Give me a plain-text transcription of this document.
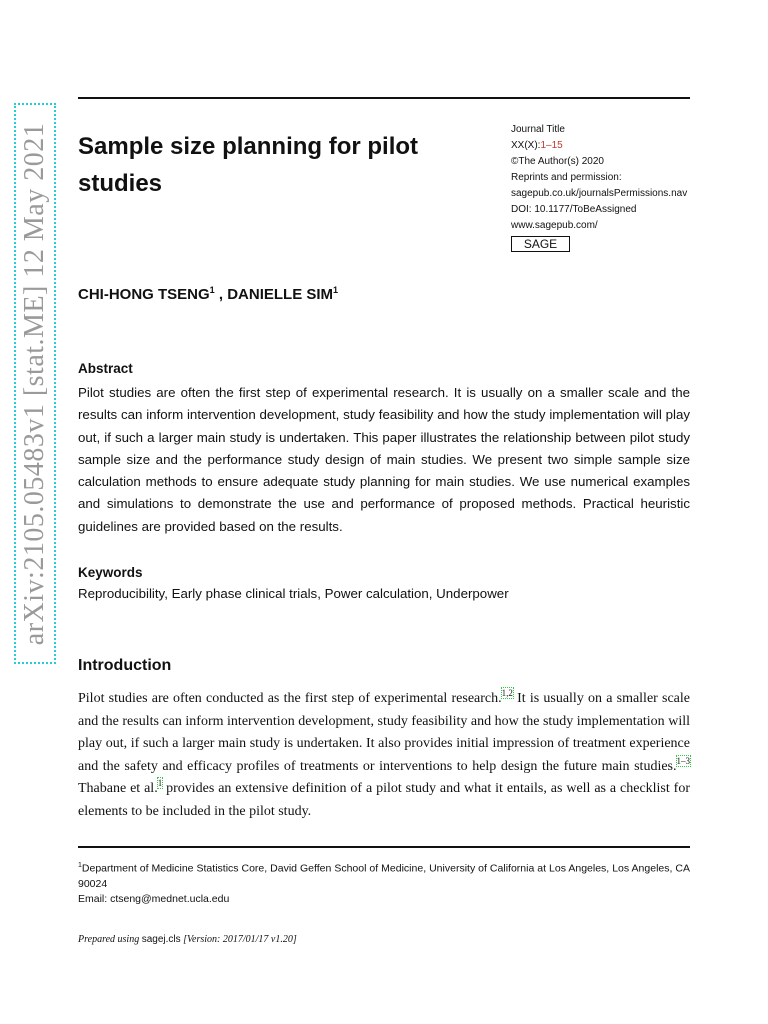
arXiv:2105.05483v1 [stat.ME] 12 May 2021 Sample size planning for pilot studies
Journal Title
XX(X):1–15
©The Author(s) 2020
Reprints and permission:
sagepub.co.uk/journalsPermissions.nav
DOI: 10.1177/ToBeAssigned
www.sagepub.com/
SAGE
CHI-HONG TSENG$^1$ , DANIELLE SIM$^1$
Abstract

Pilot studies are often the first step of experimental research. It is usually on a smaller scale and the results can inform intervention development, study feasibility and how the study implementation will play out, if such a larger main study is undertaken. This paper illustrates the relationship between pilot study sample size and the performance study design of main studies. We present two simple sample size calculation methods to ensure adequate study planning for main studies. We use numerical examples and simulations to demonstrate the use and performance of proposed methods. Practical heuristic guidelines are provided based on the results.

Keywords

Reproducibility, Early phase clinical trials, Power calculation, Underpower

Introduction

Pilot studies are often conducted as the first step of experimental research.$^{1,2}$ It is usually on a smaller scale and the results can inform intervention development, study feasibility and how the study implementation will play out, if such a larger main study is undertaken. It also provides initial impression of treatment experience and the safety and efficacy profiles of treatments or interventions to help design the future main studies.$^{1-3}$ Thabane et al.$^1$ provides an extensive definition of a pilot study and what it entails, as well as a checklist for elements to be included in the pilot study.

$^1$Department of Medicine Statistics Core, David Geffen School of Medicine, University of California at Los Angeles, Los Angeles, CA 90024
Email: ctseng@mednet.ucla.edu
Prepared using sagej.cls [Version: 2017/01/17 v1.20]
